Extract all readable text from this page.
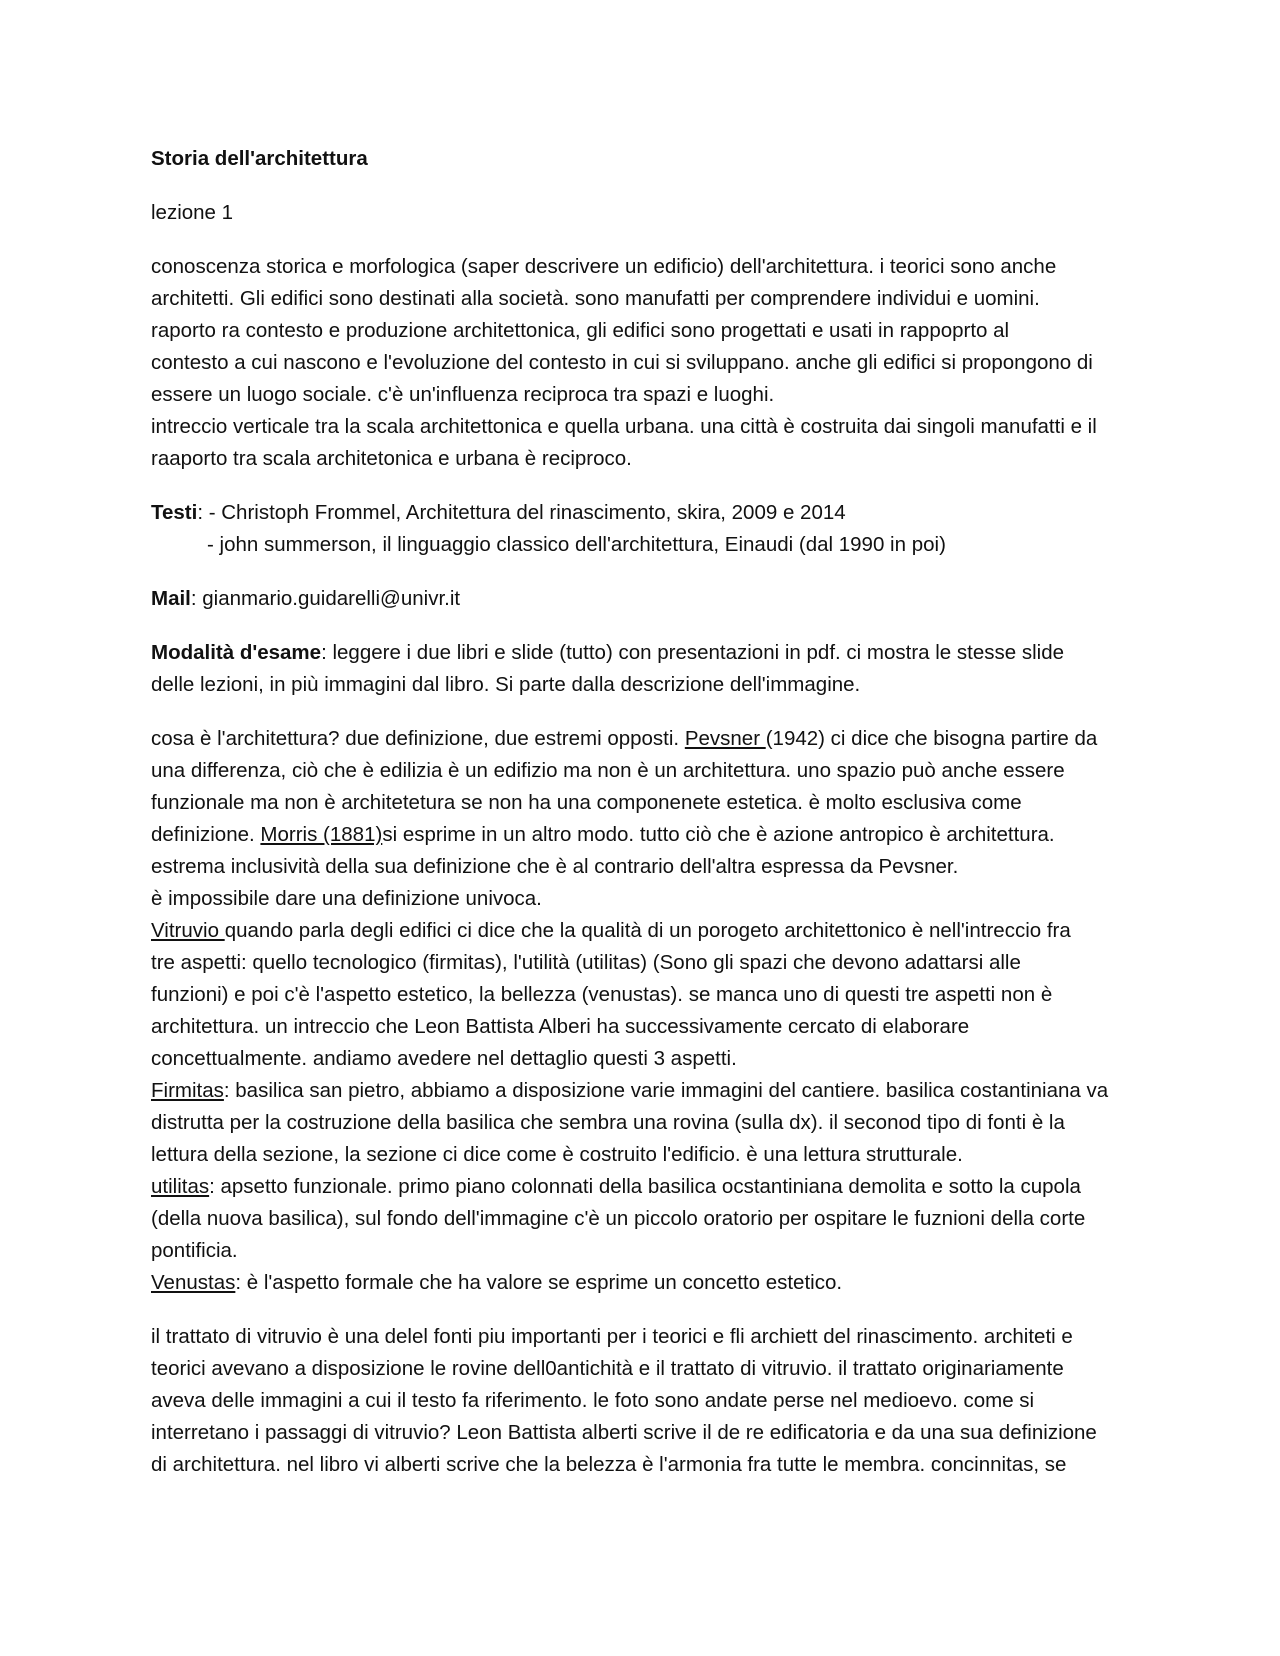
Storia dell'architettura
lezione 1
conoscenza storica e morfologica (saper descrivere un edificio) dell'architettura. i teorici sono anche
architetti. Gli edifici sono destinati alla società. sono manufatti per comprendere individui e uomini.
raporto ra contesto e produzione architettonica, gli edifici sono progettati e usati in rappoprto al
contesto a cui nascono e l'evoluzione del contesto in cui si sviluppano. anche gli edifici si propongono di
essere un luogo sociale. c'è un'influenza reciproca tra spazi e luoghi.
intreccio verticale tra la scala architettonica e quella urbana. una città è costruita dai singoli manufatti e il
raaporto tra scala architetonica e urbana è reciproco.
Testi: - Christoph Frommel, Architettura del rinascimento, skira, 2009 e 2014
- john summerson, il linguaggio classico dell'architettura, Einaudi (dal 1990 in poi)
Mail: gianmario.guidarelli@univr.it
Modalità d'esame: leggere i due libri e slide (tutto) con presentazioni in pdf. ci mostra le stesse slide
delle lezioni, in più immagini dal libro. Si parte dalla descrizione dell'immagine.
cosa è l'architettura? due definizione, due estremi opposti. Pevsner (1942) ci dice che bisogna partire da
una differenza, ciò che è edilizia è un edifizio ma non è un architettura. uno spazio può anche essere
funzionale ma non è architetetura se non ha una componenete estetica. è molto esclusiva come
definizione. Morris (1881)si esprime in un altro modo. tutto ciò che è azione antropico è architettura.
estrema inclusività della sua definizione che è al contrario dell'altra espressa da Pevsner.
è impossibile dare una definizione univoca.
Vitruvio quando parla degli edifici ci dice che la qualità di un porogeto architettonico è nell'intreccio fra
tre aspetti: quello tecnologico (firmitas), l'utilità (utilitas) (Sono gli spazi che devono adattarsi alle
funzioni) e poi c'è l'aspetto estetico, la bellezza (venustas). se manca uno di questi tre aspetti non è
architettura. un intreccio che Leon Battista Alberi ha successivamente cercato di elaborare
concettualmente. andiamo avedere nel dettaglio questi 3 aspetti.
Firmitas: basilica san pietro, abbiamo a disposizione varie immagini del cantiere. basilica costantiniana va
distrutta per la costruzione della basilica che sembra una rovina (sulla dx). il seconod tipo di fonti è la
lettura della sezione, la sezione ci dice come è costruito l'edificio. è una lettura strutturale.
utilitas: apsetto funzionale. primo piano colonnati della basilica ocstantiniana demolita e sotto la cupola
(della nuova basilica), sul fondo dell'immagine c'è un piccolo oratorio per ospitare le fuznioni della corte
pontificia.
Venustas: è l'aspetto formale che ha valore se esprime un concetto estetico.
il trattato di vitruvio è una delel fonti piu importanti per i teorici e fli archiett del rinascimento. architeti e
teorici avevano a disposizione le rovine dell0antichità e il trattato di vitruvio. il trattato originariamente
aveva delle immagini a cui il testo fa riferimento. le foto sono andate perse nel medioevo. come si
interretano i passaggi di vitruvio? Leon Battista alberti scrive il de re edificatoria e da una sua definizione
di architettura. nel libro vi alberti scrive che la belezza è l'armonia fra tutte le membra. concinnitas, se
